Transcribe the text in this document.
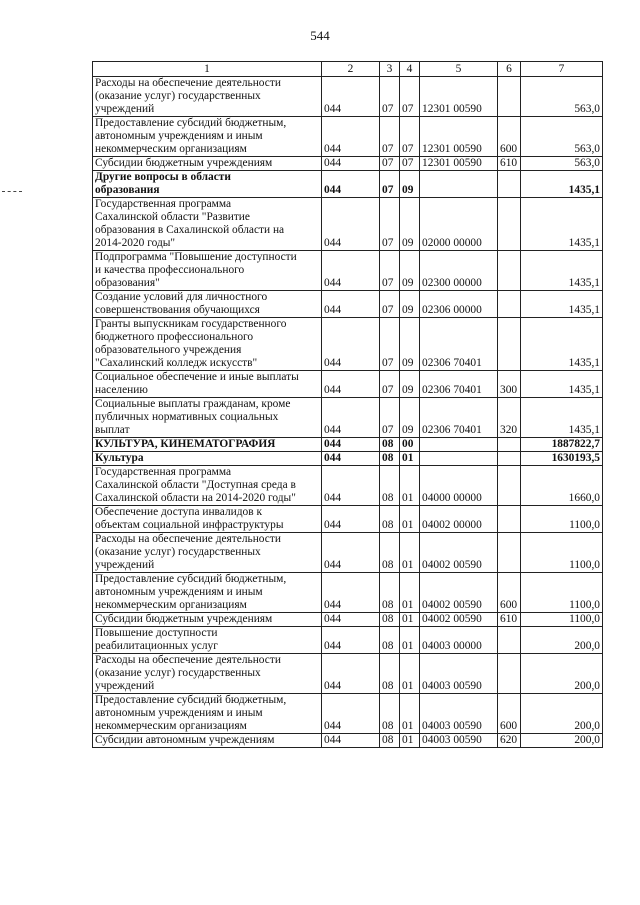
544
1	2	3	4	5	6	7

Расходы на обеспечение деятельности
(оказание услуг) государственных
учреждений	044	07	07	12301 00590		563,0

Предоставление субсидий бюджетным,
автономным учреждениям и иным
некоммерческим организациям	044	07	07	12301 00590	600	563,0

Субсидии бюджетным учреждениям	044	07	07	12301 00590	610	563,0

Другие вопросы в области
образования	044	07	09			1435,1

Государственная программа
Сахалинской области "Развитие
образования в Сахалинской области на
2014-2020 годы"	044	07	09	02000 00000		1435,1

Подпрограмма "Повышение доступности
и качества профессионального
образования"	044	07	09	02300 00000		1435,1

Создание условий для личностного
совершенствования обучающихся	044	07	09	02306 00000		1435,1

Гранты выпускникам государственного
бюджетного профессионального
образовательного учреждения
"Сахалинский колледж искусств"	044	07	09	02306 70401		1435,1

Социальное обеспечение и иные выплаты
населению	044	07	09	02306 70401	300	1435,1

Социальные выплаты гражданам, кроме
публичных нормативных социальных
выплат	044	07	09	02306 70401	320	1435,1

КУЛЬТУРА, КИНЕМАТОГРАФИЯ	044	08	00			1887822,7

Культура	044	08	01			1630193,5

Государственная программа
Сахалинской области "Доступная среда в
Сахалинской области на 2014-2020 годы"	044	08	01	04000 00000		1660,0

Обеспечение доступа инвалидов к
объектам социальной инфраструктуры	044	08	01	04002 00000		1100,0

Расходы на обеспечение деятельности
(оказание услуг) государственных
учреждений	044	08	01	04002 00590		1100,0

Предоставление субсидий бюджетным,
автономным учреждениям и иным
некоммерческим организациям	044	08	01	04002 00590	600	1100,0

Субсидии бюджетным учреждениям	044	08	01	04002 00590	610	1100,0

Повышение доступности
реабилитационных услуг	044	08	01	04003 00000		200,0

Расходы на обеспечение деятельности
(оказание услуг) государственных
учреждений	044	08	01	04003 00590		200,0

Предоставление субсидий бюджетным,
автономным учреждениям и иным
некоммерческим организациям	044	08	01	04003 00590	600	200,0

Субсидии автономным учреждениям	044	08	01	04003 00590	620	200,0
